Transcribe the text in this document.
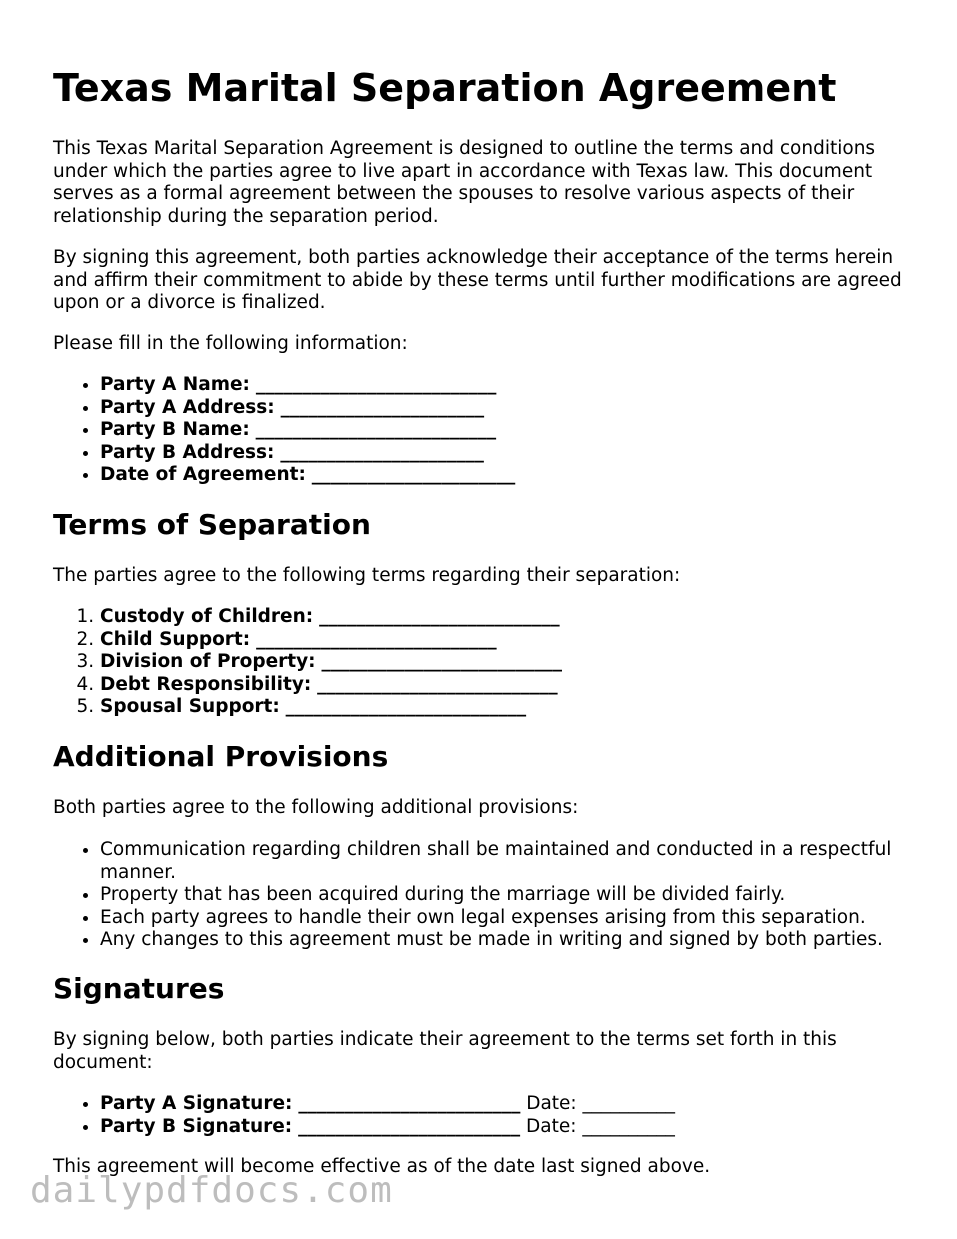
Texas Marital Separation Agreement

This Texas Marital Separation Agreement is designed to outline the terms and conditions under which the parties agree to live apart in accordance with Texas law. This document serves as a formal agreement between the spouses to resolve various aspects of their relationship during the separation period.

By signing this agreement, both parties acknowledge their acceptance of the terms herein and affirm their commitment to abide by these terms until further modifications are agreed upon or a divorce is finalized.

Please fill in the following information:

• Party A Name: __________________________
• Party A Address: ______________________
• Party B Name: __________________________
• Party B Address: ______________________
• Date of Agreement: ______________________
Terms of Separation

The parties agree to the following terms regarding their separation:

1. Custody of Children: __________________________
2. Child Support: __________________________
3. Division of Property: __________________________
4. Debt Responsibility: __________________________
5. Spousal Support: __________________________
Additional Provisions

Both parties agree to the following additional provisions:

• Communication regarding children shall be maintained and conducted in a respectful manner.
• Property that has been acquired during the marriage will be divided fairly.
• Each party agrees to handle their own legal expenses arising from this separation.
• Any changes to this agreement must be made in writing and signed by both parties.
Signatures

By signing below, both parties indicate their agreement to the terms set forth in this document:

• Party A Signature: ________________________ Date: __________
• Party B Signature: ________________________ Date: __________

This agreement will become effective as of the date last signed above.

dailypdfdocs.com
